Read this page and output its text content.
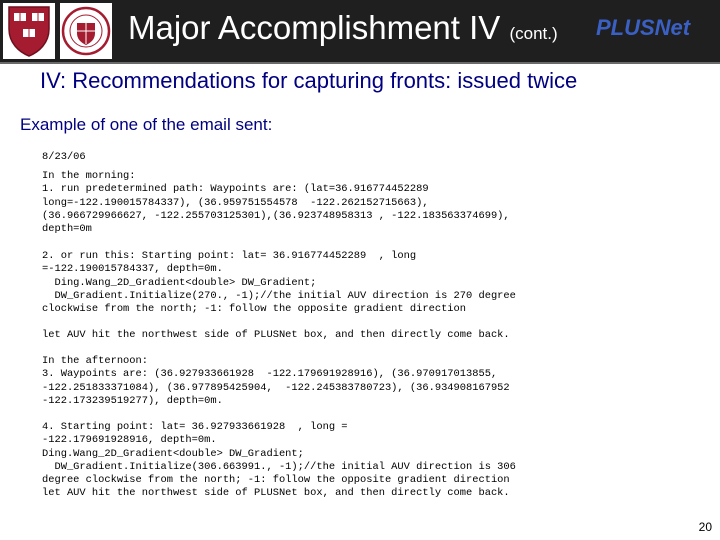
Major Accomplishment IV (cont.) PLUSNet
IV: Recommendations for capturing fronts: issued twice
Example of one of the email sent:
8/23/06
In the morning:
1. run predetermined path: Waypoints are: (lat=36.916774452289
long=-122.190015784337), (36.959751554578  -122.262152715663),
(36.966729966627, -122.255703125301),(36.923748958313 , -122.183563374699),
depth=0m
2. or run this: Starting point: lat= 36.916774452289  , long
=-122.190015784337, depth=0m.
Ding.Wang_2D_Gradient<double> DW_Gradient;
DW_Gradient.Initialize(270., -1);//the initial AUV direction is 270 degree
clockwise from the north; -1: follow the opposite gradient direction
let AUV hit the northwest side of PLUSNet box, and then directly come back.
In the afternoon:
3. Waypoints are: (36.927933661928  -122.179691928916), (36.970917013855,
-122.251833371084), (36.977895425904,  -122.245383780723), (36.934908167952
-122.173239519277), depth=0m.
4. Starting point: lat= 36.927933661928  , long =
-122.179691928916, depth=0m.
Ding.Wang_2D_Gradient<double> DW_Gradient;
DW_Gradient.Initialize(306.663991., -1);//the initial AUV direction is 306
degree clockwise from the north; -1: follow the opposite gradient direction
let AUV hit the northwest side of PLUSNet box, and then directly come back.
20
